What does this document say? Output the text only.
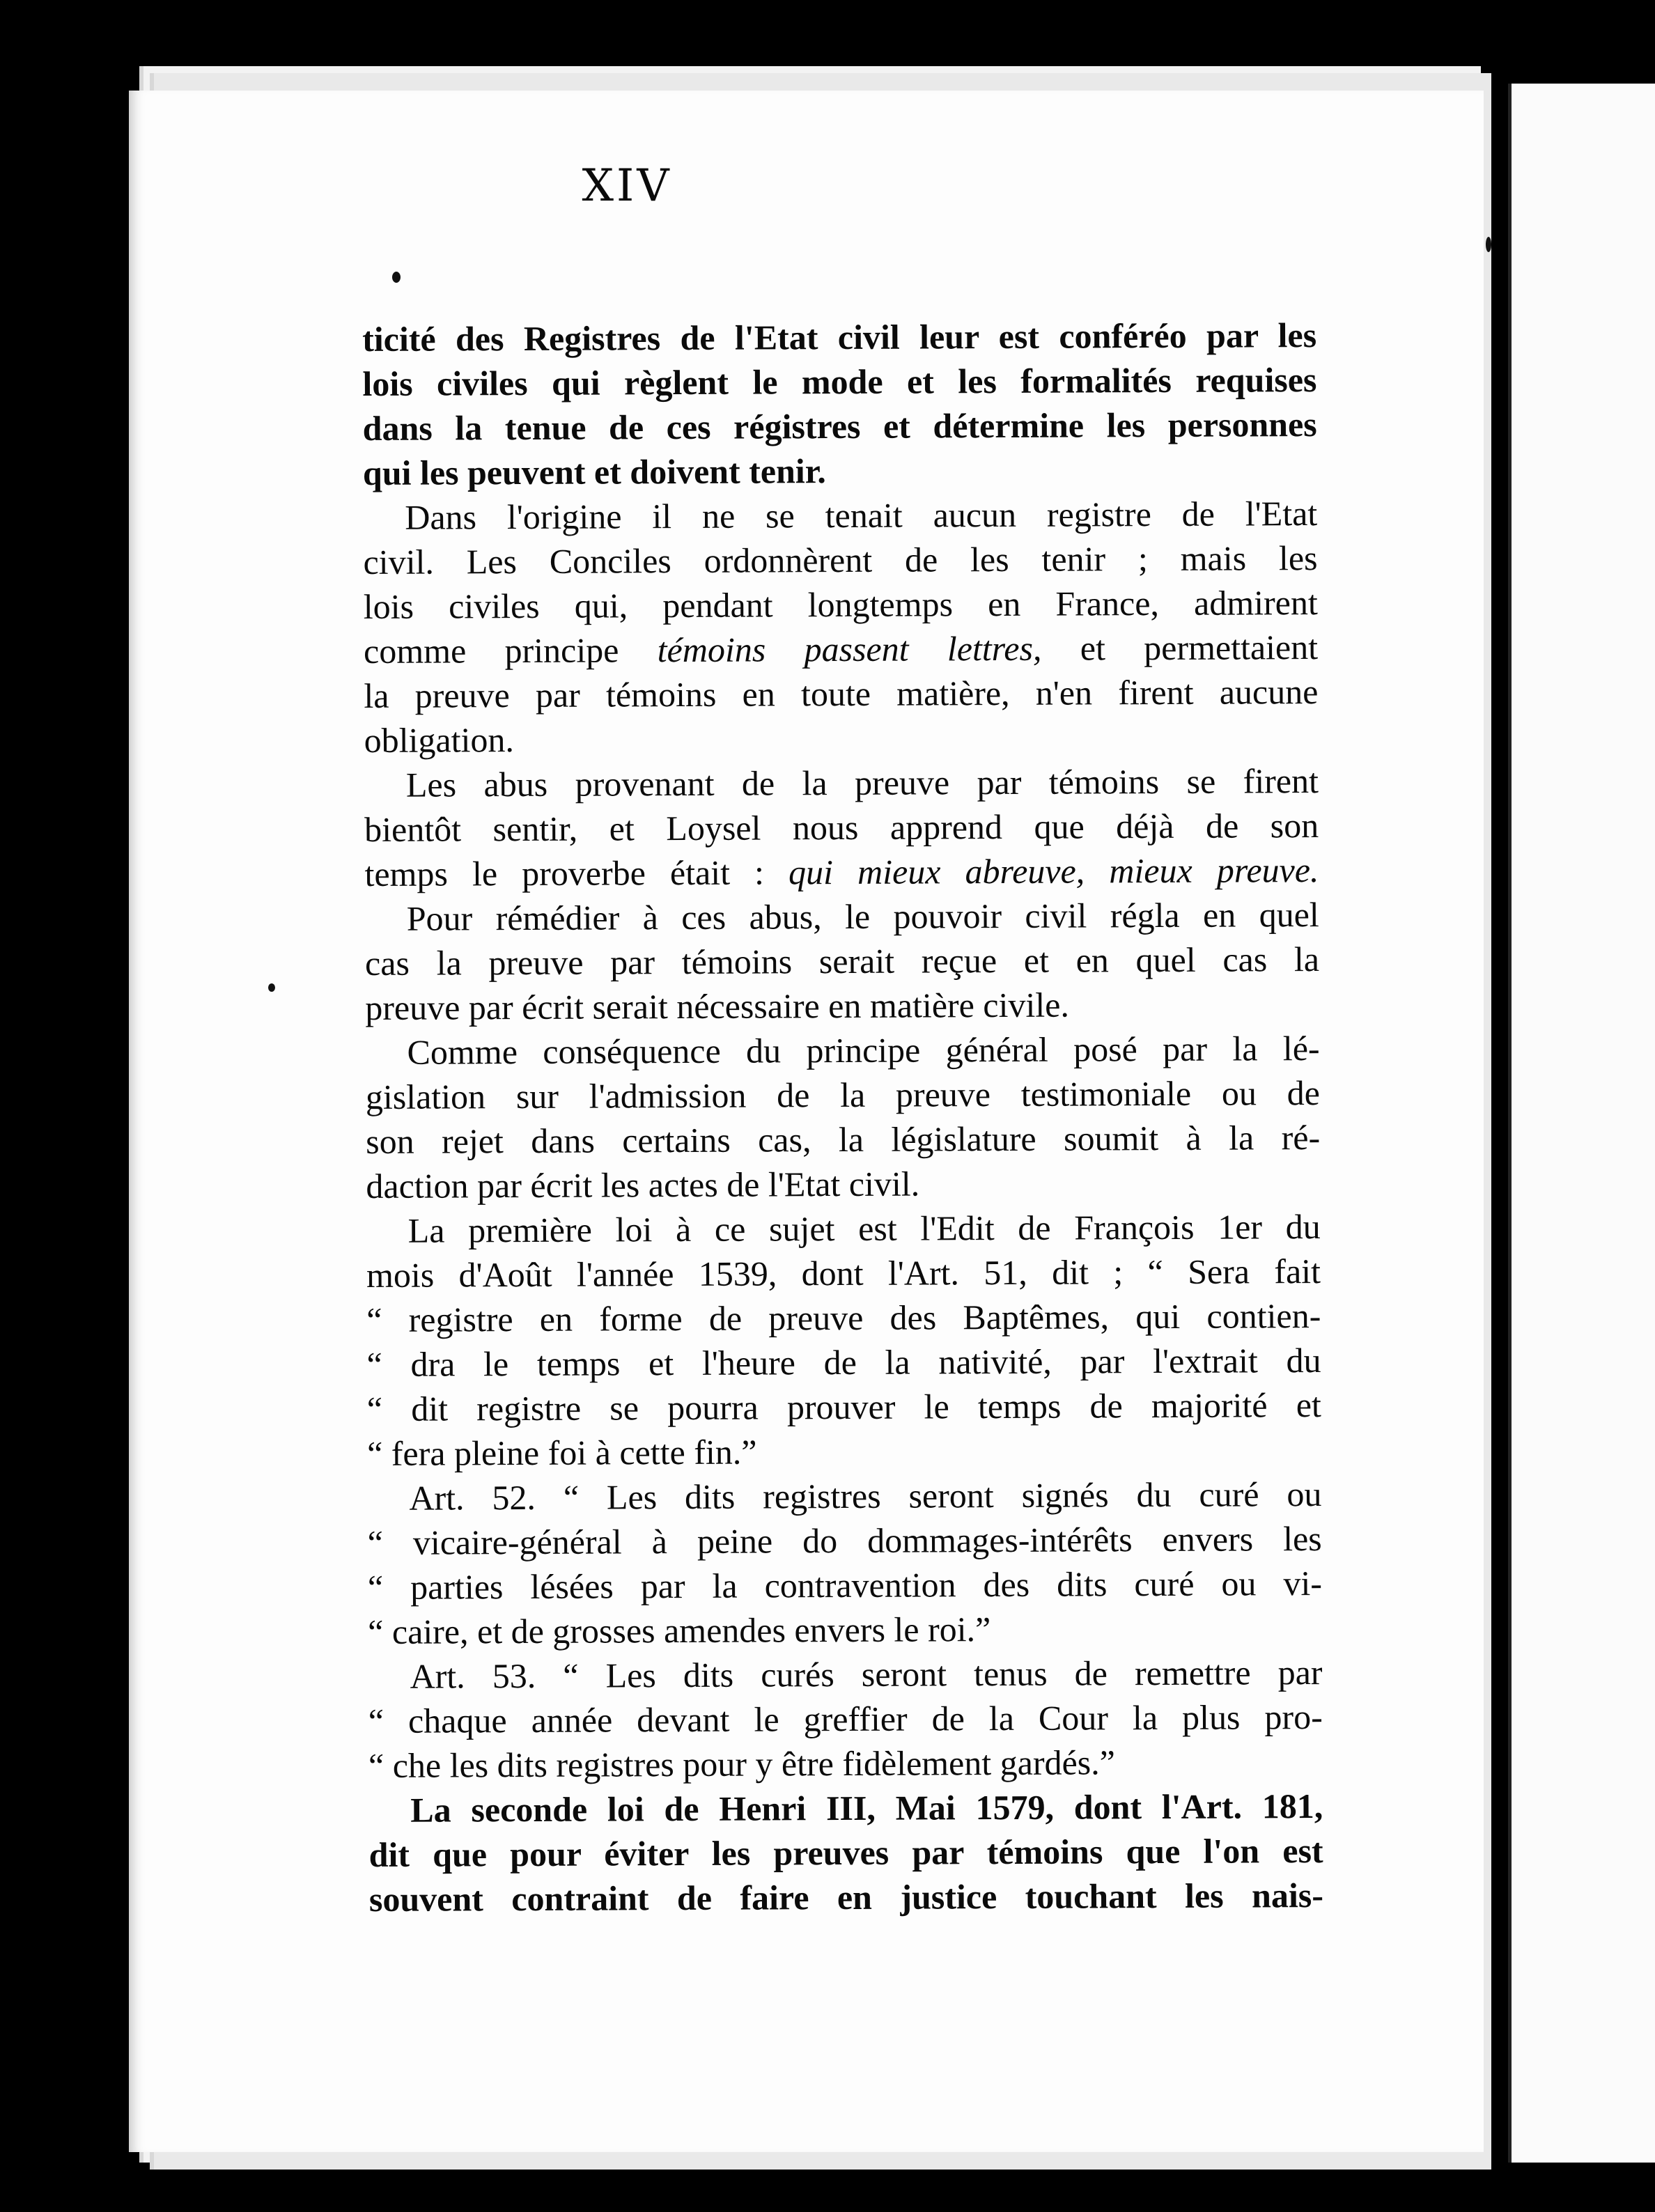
XIV
ticité des Registres de l'Etat civil leur est conféréo par les
lois civiles qui règlent le mode et les formalités requises
dans la tenue de ces régistres et détermine les personnes
qui les peuvent et doivent tenir.
Dans l'origine il ne se tenait aucun registre de l'Etat
civil. Les Conciles ordonnèrent de les tenir ; mais les
lois civiles qui, pendant longtemps en France, admirent
comme principe témoins passent lettres, et permettaient
la preuve par témoins en toute matière, n'en firent aucune
obligation.
Les abus provenant de la preuve par témoins se firent
bientôt sentir, et Loysel nous apprend que déjà de son
temps le proverbe était : qui mieux abreuve, mieux preuve.
Pour rémédier à ces abus, le pouvoir civil régla en quel
cas la preuve par témoins serait reçue et en quel cas la
preuve par écrit serait nécessaire en matière civile.
Comme conséquence du principe général posé par la lé-
gislation sur l'admission de la preuve testimoniale ou de
son rejet dans certains cas, la législature soumit à la ré-
daction par écrit les actes de l'Etat civil.
La première loi à ce sujet est l'Edit de François 1er du
mois d'Août l'année 1539, dont l'Art. 51, dit ; “ Sera fait
“ registre en forme de preuve des Baptêmes, qui contien-
“ dra le temps et l'heure de la nativité, par l'extrait du
“ dit registre se pourra prouver le temps de majorité et
“ fera pleine foi à cette fin.”
Art. 52. “ Les dits registres seront signés du curé ou
“ vicaire-général à peine do dommages-intérêts envers les
“ parties lésées par la contravention des dits curé ou vi-
“ caire, et de grosses amendes envers le roi.”
Art. 53. “ Les dits curés seront tenus de remettre par
“ chaque année devant le greffier de la Cour la plus pro-
“ che les dits registres pour y être fidèlement gardés.”
La seconde loi de Henri III, Mai 1579, dont l'Art. 181,
dit que pour éviter les preuves par témoins que l'on est
souvent contraint de faire en justice touchant les nais-
